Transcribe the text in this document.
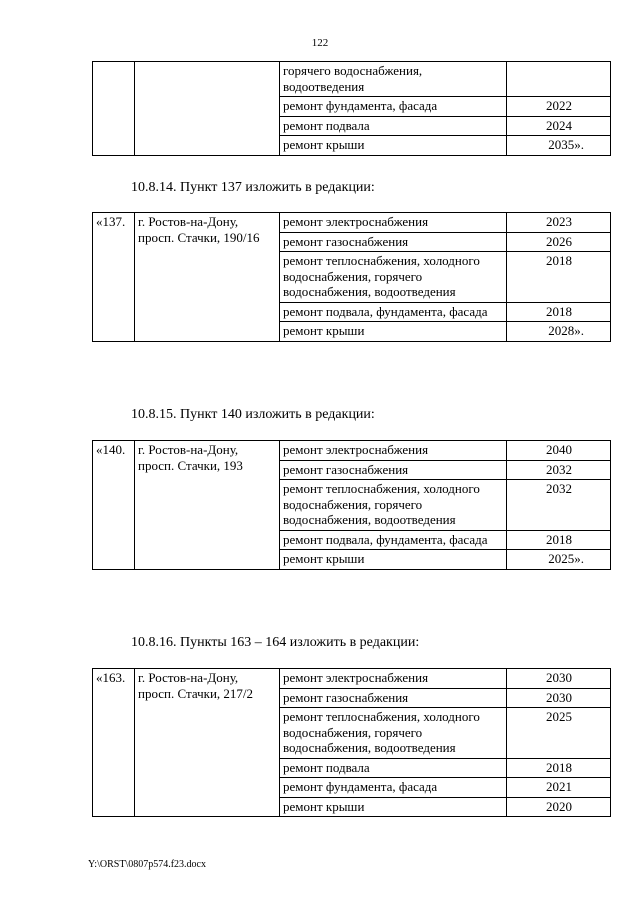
122
		горячего водоснабжения, водоотведения	
		ремонт фундамента, фасада	2022
		ремонт подвала	2024
		ремонт крыши	2035».
10.8.14. Пункт 137 изложить в редакции:
«137.	г. Ростов-на-Дону, просп. Стачки, 190/16	ремонт электроснабжения	2023
		ремонт газоснабжения	2026
		ремонт теплоснабжения, холодного водоснабжения, горячего водоснабжения, водоотведения	2018
		ремонт подвала, фундамента, фасада	2018
		ремонт крыши	2028».
10.8.15. Пункт 140 изложить в редакции:
«140.	г. Ростов-на-Дону, просп. Стачки, 193	ремонт электроснабжения	2040
		ремонт газоснабжения	2032
		ремонт теплоснабжения, холодного водоснабжения, горячего водоснабжения, водоотведения	2032
		ремонт подвала, фундамента, фасада	2018
		ремонт крыши	2025».
10.8.16. Пункты 163 – 164 изложить в редакции:
«163.	г. Ростов-на-Дону, просп. Стачки, 217/2	ремонт электроснабжения	2030
		ремонт газоснабжения	2030
		ремонт теплоснабжения, холодного водоснабжения, горячего водоснабжения, водоотведения	2025
		ремонт подвала	2018
		ремонт фундамента, фасада	2021
		ремонт крыши	2020
Y:\ORST\0807p574.f23.docx
